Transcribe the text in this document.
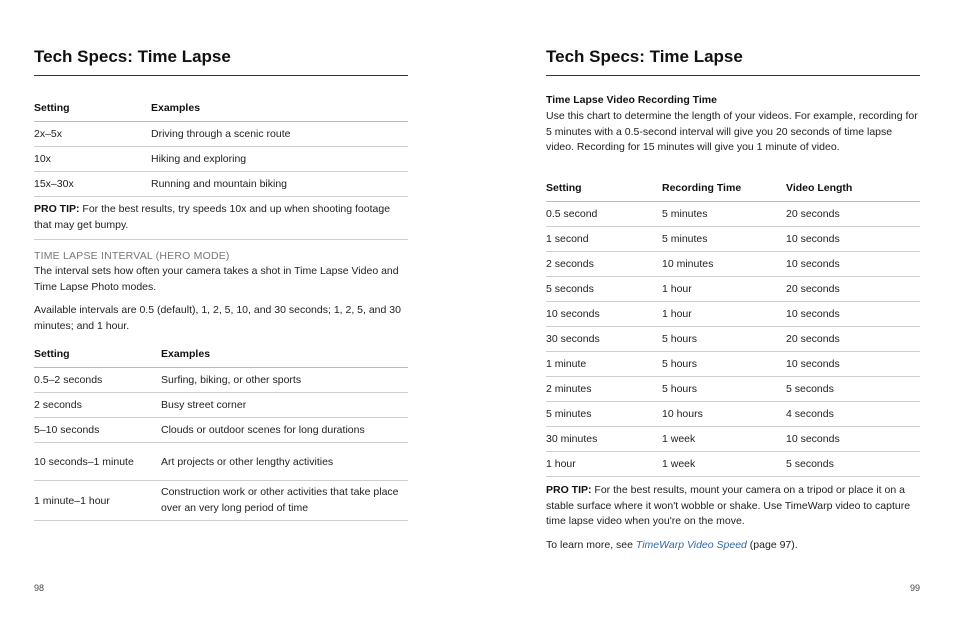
Tech Specs: Time Lapse
Setting	Examples
2x–5x	Driving through a scenic route
10x	Hiking and exploring
15x–30x	Running and mountain biking

PRO TIP: For the best results, try speeds 10x and up when shooting footage that may get bumpy.

TIME LAPSE INTERVAL (HERO MODE)

The interval sets how often your camera takes a shot in Time Lapse Video and Time Lapse Photo modes.

Available intervals are 0.5 (default), 1, 2, 5, 10, and 30 seconds; 1, 2, 5, and 30 minutes; and 1 hour.

Setting	Examples
0.5–2 seconds	Surfing, biking, or other sports
2 seconds	Busy street corner
5–10 seconds	Clouds or outdoor scenes for long durations
10 seconds–1 minute	Art projects or other lengthy activities
1 minute–1 hour	Construction work or other activities that take place over an very long period of time
98
Tech Specs: Time Lapse

Time Lapse Video Recording Time

Use this chart to determine the length of your videos. For example, recording for 5 minutes with a 0.5-second interval will give you 20 seconds of time lapse video. Recording for 15 minutes will give you 1 minute of video.

Setting	Recording Time	Video Length
0.5 second	5 minutes	20 seconds
1 second	5 minutes	10 seconds
2 seconds	10 minutes	10 seconds
5 seconds	1 hour	20 seconds
10 seconds	1 hour	10 seconds
30 seconds	5 hours	20 seconds
1 minute	5 hours	10 seconds
2 minutes	5 hours	5 seconds
5 minutes	10 hours	4 seconds
30 minutes	1 week	10 seconds
1 hour	1 week	5 seconds

PRO TIP: For the best results, mount your camera on a tripod or place it on a stable surface where it won't wobble or shake. Use TimeWarp video to capture time lapse video when you're on the move.

To learn more, see TimeWarp Video Speed (page 97).

99
